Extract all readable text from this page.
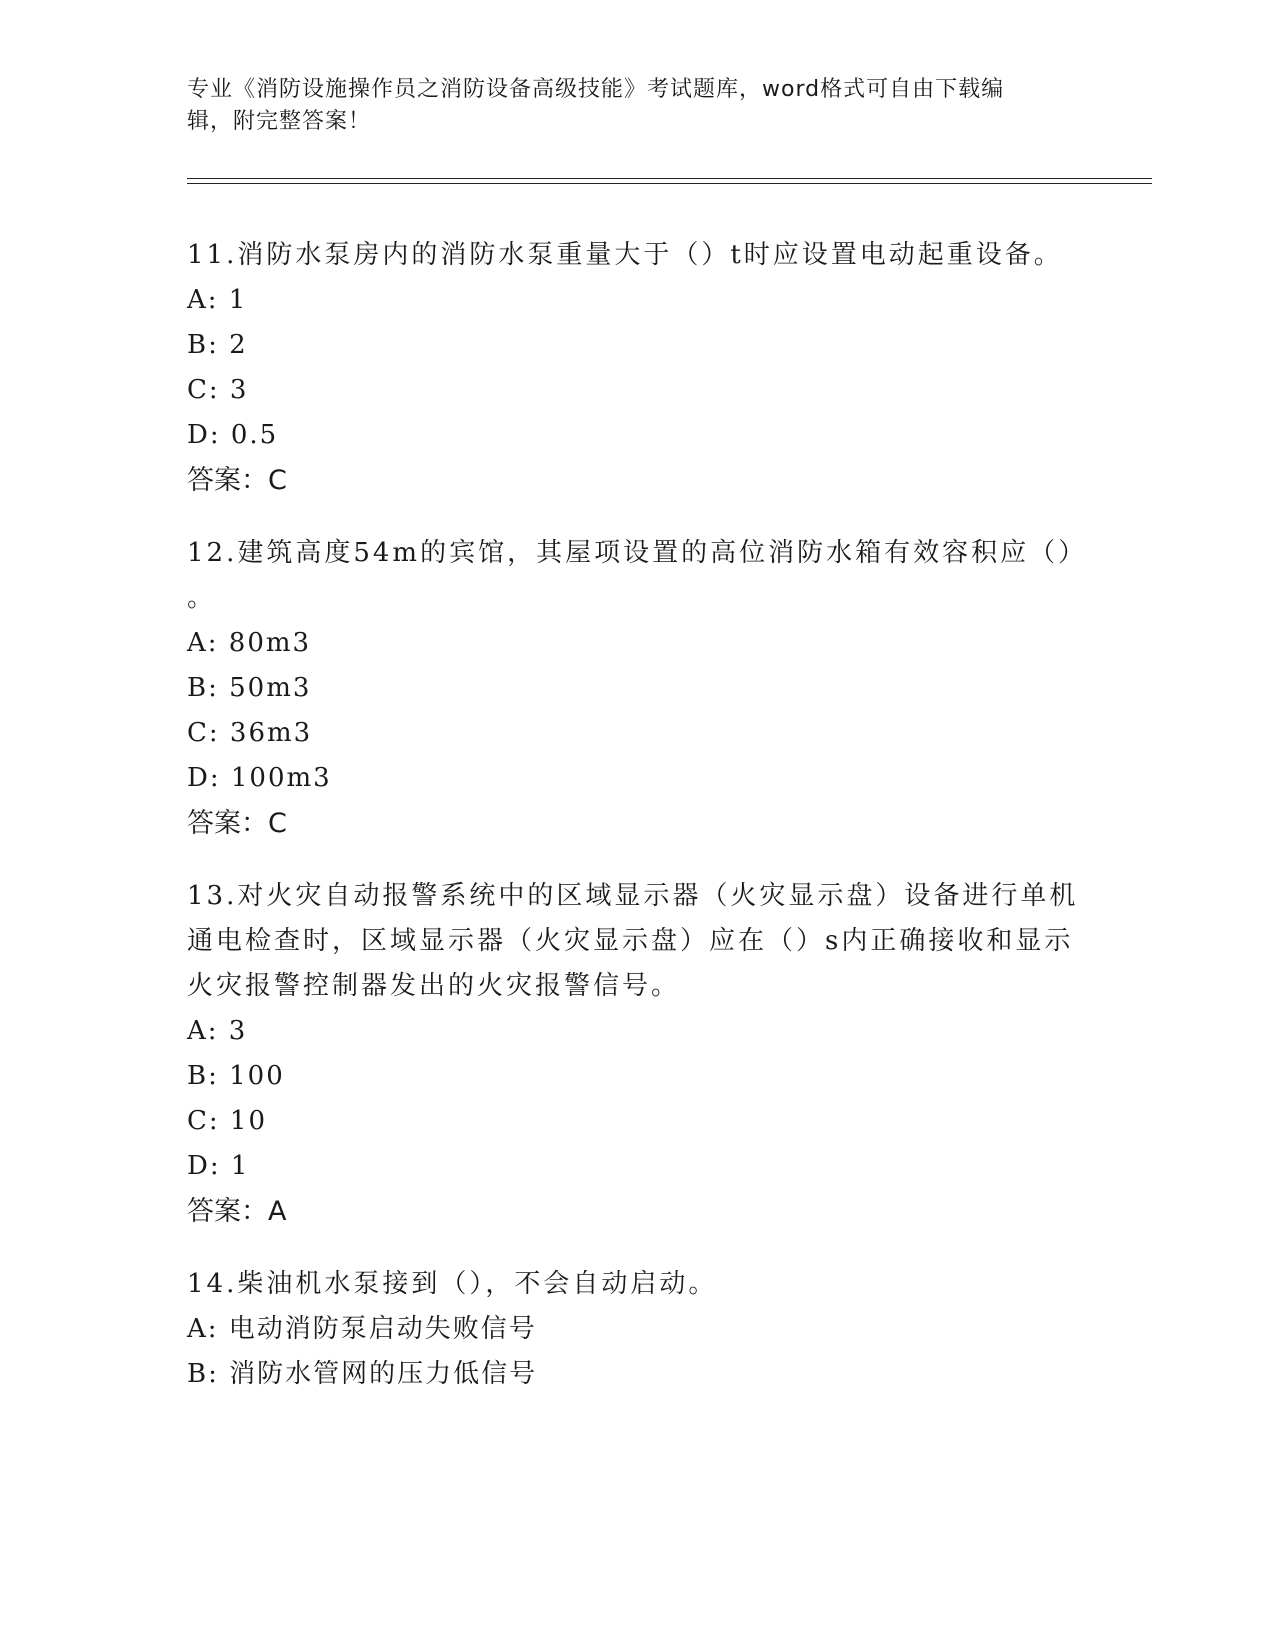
专业《消防设施操作员之消防设备高级技能》考试题库，word格式可自由下载编
辑，附完整答案！

11.消防水泵房内的消防水泵重量大于（）t时应设置电动起重设备。

A: 1

B: 2

C: 3

D: 0.5

答案：C

12.建筑高度54m的宾馆，其屋项设置的高位消防水箱有效容积应（）

。

A: 80m3

B: 50m3

C: 36m3

D: 100m3

答案：C

13.对火灾自动报警系统中的区域显示器（火灾显示盘）设备进行单机

通电检查时，区域显示器（火灾显示盘）应在（）s内正确接收和显示

火灾报警控制器发出的火灾报警信号。

A: 3

B: 100

C: 10

D: 1

答案：A

14.柴油机水泵接到（），不会自动启动。

A: 电动消防泵启动失败信号

B: 消防水管网的压力低信号
